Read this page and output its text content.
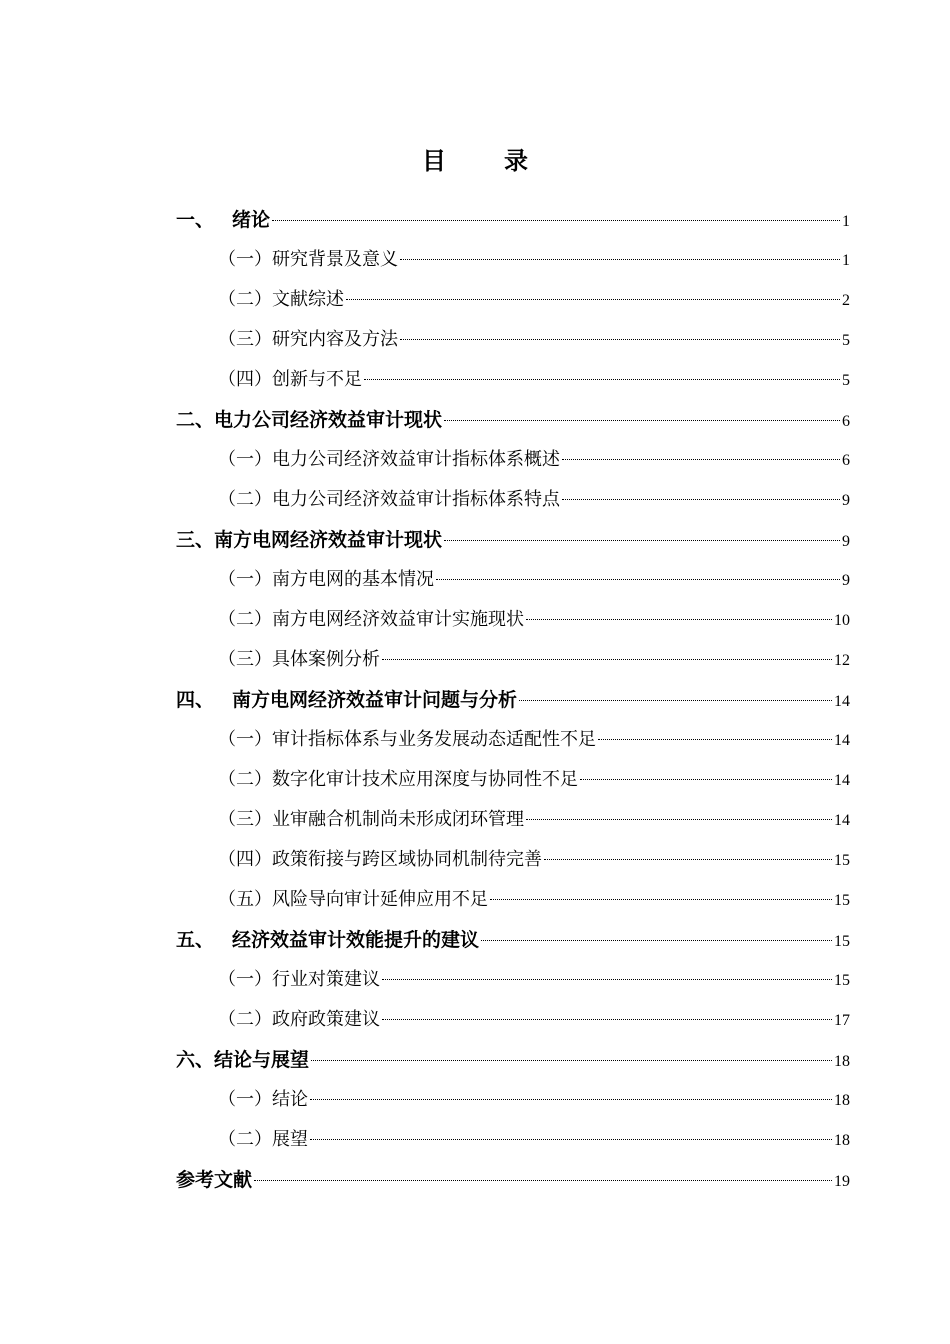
目 录
一、 绪论	1
（一） 研究背景及意义	1
（二） 文献综述	2
（三） 研究内容及方法	5
（四） 创新与不足	5
二、 电力公司经济效益审计现状	6
（一） 电力公司经济效益审计指标体系概述	6
（二） 电力公司经济效益审计指标体系特点	9
三、 南方电网经济效益审计现状	9
（一） 南方电网的基本情况	9
（二） 南方电网经济效益审计实施现状	10
（三） 具体案例分析	12
四、 南方电网经济效益审计问题与分析	14
（一） 审计指标体系与业务发展动态适配性不足	14
（二） 数字化审计技术应用深度与协同性不足	14
（三） 业审融合机制尚未形成闭环管理	14
（四） 政策衔接与跨区域协同机制待完善	15
（五） 风险导向审计延伸应用不足	15
五、 经济效益审计效能提升的建议	15
（一） 行业对策建议	15
（二） 政府政策建议	17
六、 结论与展望	18
（一） 结论	18
（二） 展望	18
参考文献	19
